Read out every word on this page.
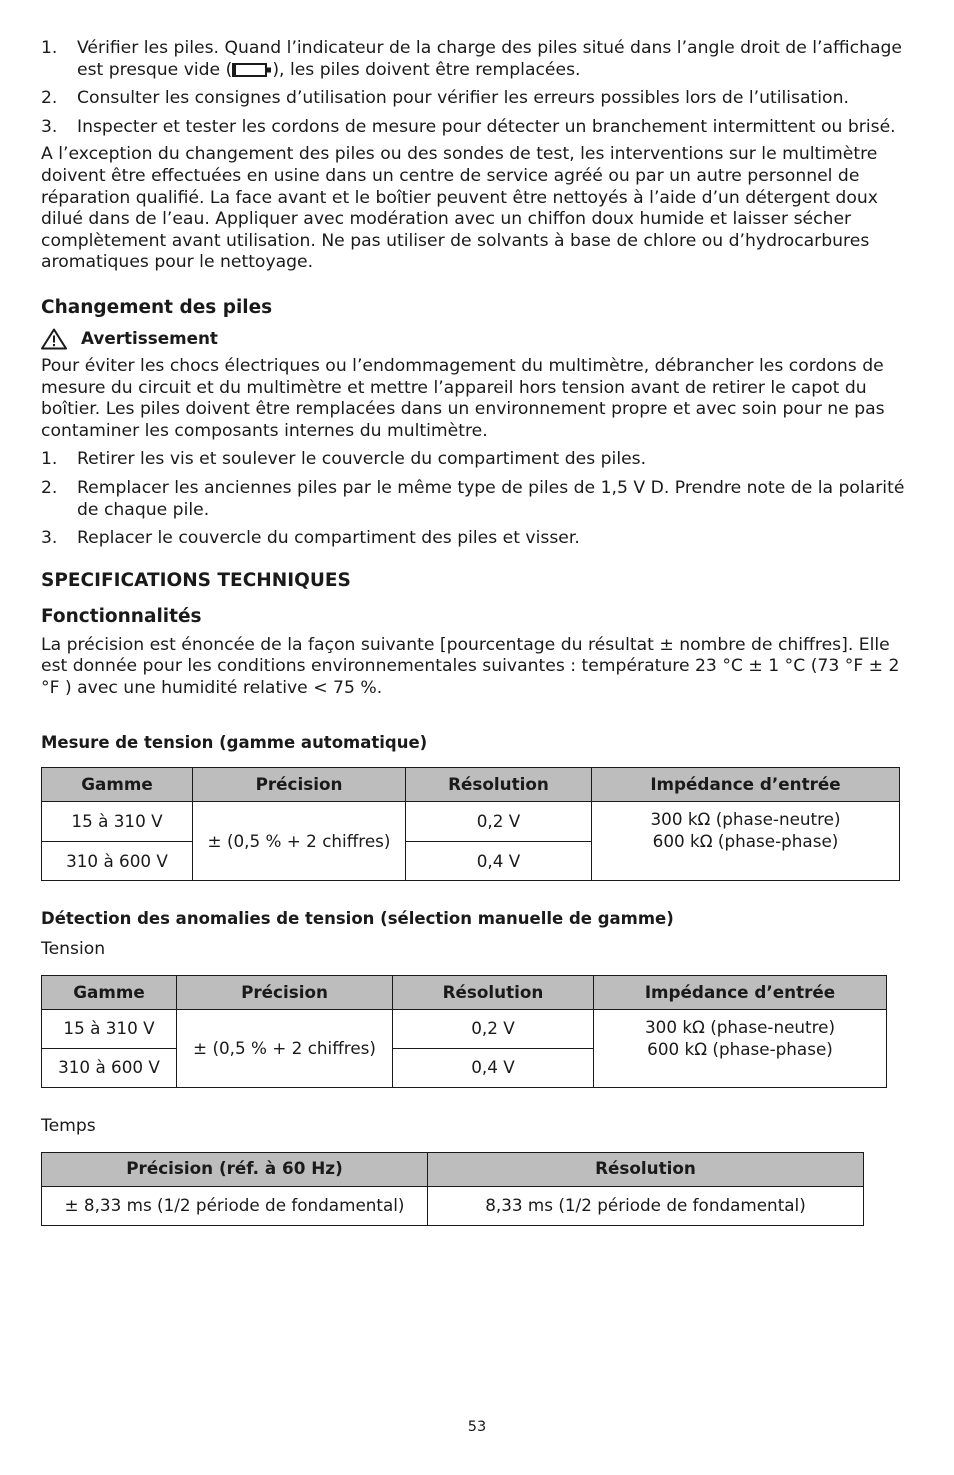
1. Vérifier les piles. Quand l’indicateur de la charge des piles situé dans l’angle droit de l’affichage est presque vide ( ), les piles doivent être remplacées.
2. Consulter les consignes d’utilisation pour vérifier les erreurs possibles lors de l’utilisation.
3. Inspecter et tester les cordons de mesure pour détecter un branchement intermittent ou brisé.

A l’exception du changement des piles ou des sondes de test, les interventions sur le multimètre doivent être effectuées en usine dans un centre de service agréé ou par un autre personnel de réparation qualifié. La face avant et le boîtier peuvent être nettoyés à l’aide d’un détergent doux dilué dans de l’eau. Appliquer avec modération avec un chiffon doux humide et laisser sécher complètement avant utilisation. Ne pas utiliser de solvants à base de chlore ou d’hydrocarbures aromatiques pour le nettoyage.

Changement des piles
Avertissement

Pour éviter les chocs électriques ou l’endommagement du multimètre, débrancher les cordons de mesure du circuit et du multimètre et mettre l’appareil hors tension avant de retirer le capot du boîtier. Les piles doivent être remplacées dans un environnement propre et avec soin pour ne pas contaminer les composants internes du multimètre.

1. Retirer les vis et soulever le couvercle du compartiment des piles.
2. Remplacer les anciennes piles par le même type de piles de 1,5 V D. Prendre note de la polarité de chaque pile.
3. Replacer le couvercle du compartiment des piles et visser.
SPECIFICATIONS TECHNIQUES
Fonctionnalités

La précision est énoncée de la façon suivante [pourcentage du résultat ± nombre de chiffres]. Elle est donnée pour les conditions environnementales suivantes : température 23 °C ± 1 °C (73 °F ± 2 °F ) avec une humidité relative < 75 %.

Mesure de tension (gamme automatique)
Gamme	Précision	Résolution	Impédance d’entrée
15 à 310 V	± (0,5 % + 2 chiffres)	0,2 V	300 kΩ (phase-neutre)
600 kΩ (phase-phase)

310 à 600 V		0,4 V	
Détection des anomalies de tension (sélection manuelle de gamme)

Tension

Gamme	Précision	Résolution	Impédance d’entrée
15 à 310 V	± (0,5 % + 2 chiffres)	0,2 V	300 kΩ (phase-neutre)
600 kΩ (phase-phase)

310 à 600 V		0,4 V	

Temps

Précision (réf. à 60 Hz)	Résolution
± 8,33 ms (1/2 période de fondamental)	8,33 ms (1/2 période de fondamental)
53
